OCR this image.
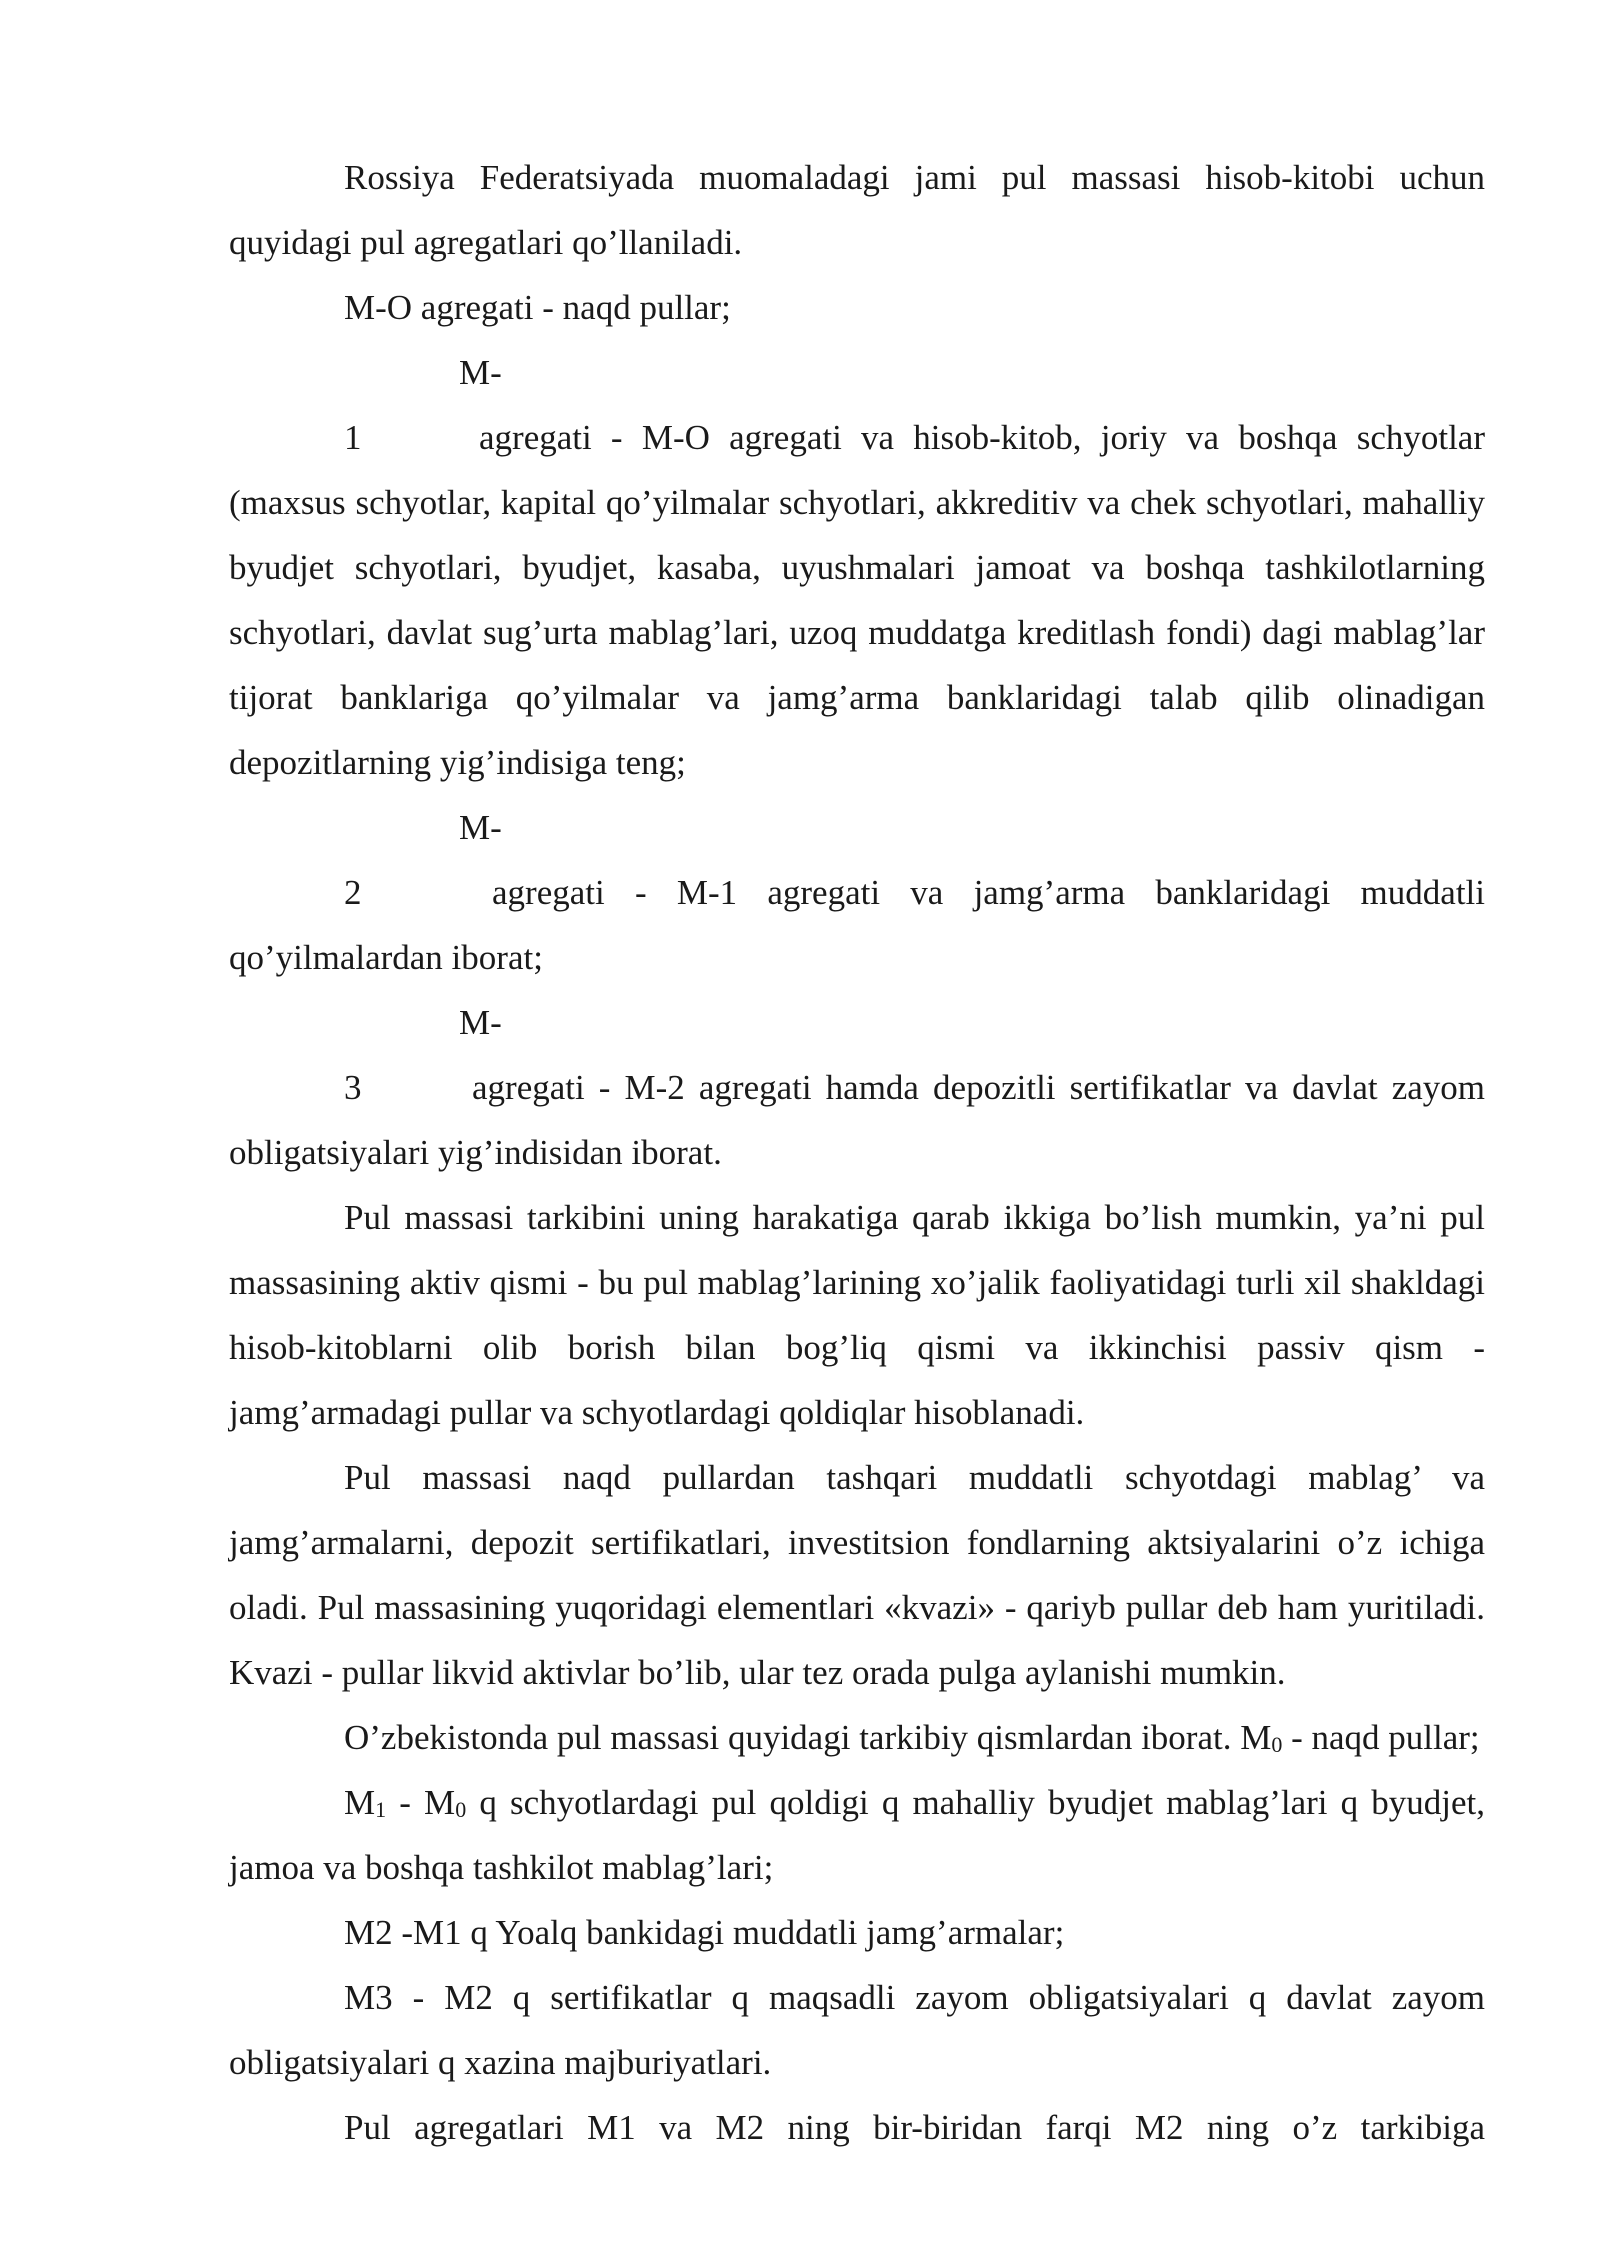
Rossiya Federatsiyada muomaladagi jami pul massasi hisob-kitobi uchun quyidagi pul agregatlari qo’llaniladi.

M-O agregati - naqd pullar;

M-1	agregati - M-O agregati va hisob-kitob, joriy va boshqa schyotlar (maxsus schyotlar, kapital qo’yilmalar schyotlari, akkreditiv va chek schyotlari, mahalliy byudjet schyotlari, byudjet, kasaba, uyushmalari jamoat va boshqa tashkilotlarning schyotlari, davlat sug’urta mablag’lari, uzoq muddatga kreditlash fondi) dagi mablag’lar tijorat banklariga qo’yilmalar va jamg’arma banklaridagi talab qilib olinadigan depozitlarning yig’indisiga teng;

M-2	agregati - M-1 agregati va jamg’arma banklaridagi muddatli qo’yilmalardan iborat;

M-3	agregati - M-2 agregati hamda depozitli sertifikatlar va davlat zayom obligatsiyalari yig’indisidan iborat.

Pul massasi tarkibini uning harakatiga qarab ikkiga bo’lish mumkin, ya’ni pul massasining aktiv qismi - bu pul mablag’larining xo’jalik faoliyatidagi turli xil shakldagi hisob-kitoblarni olib borish bilan bog’liq qismi va ikkinchisi passiv qism - jamg’armadagi pullar va schyotlardagi qoldiqlar hisoblanadi.

Pul massasi naqd pullardan tashqari muddatli schyotdagi mablag’ va jamg’armalarni, depozit sertifikatlari, investitsion fondlarning aktsiyalarini o’z ichiga oladi. Pul massasining yuqoridagi elementlari «kvazi» - qariyb pullar deb ham yuritiladi. Kvazi - pullar likvid aktivlar bo’lib, ular tez orada pulga aylanishi mumkin.

O’zbekistonda pul massasi quyidagi tarkibiy qismlardan iborat. $M_0$ - naqd pullar;

$M_1 - M_0$ q schyotlardagi pul qoldigi q mahalliy byudjet mablag’lari q byudjet, jamoa va boshqa tashkilot mablag’lari;

M2 -M1 q Yoalq bankidagi muddatli jamg’armalar;

M3 - M2 q sertifikatlar q maqsadli zayom obligatsiyalari q davlat zayom obligatsiyalari q xazina majburiyatlari.

Pul agregatlari M1 va M2 ning bir-biridan farqi M2 ning o’z tarkibiga
